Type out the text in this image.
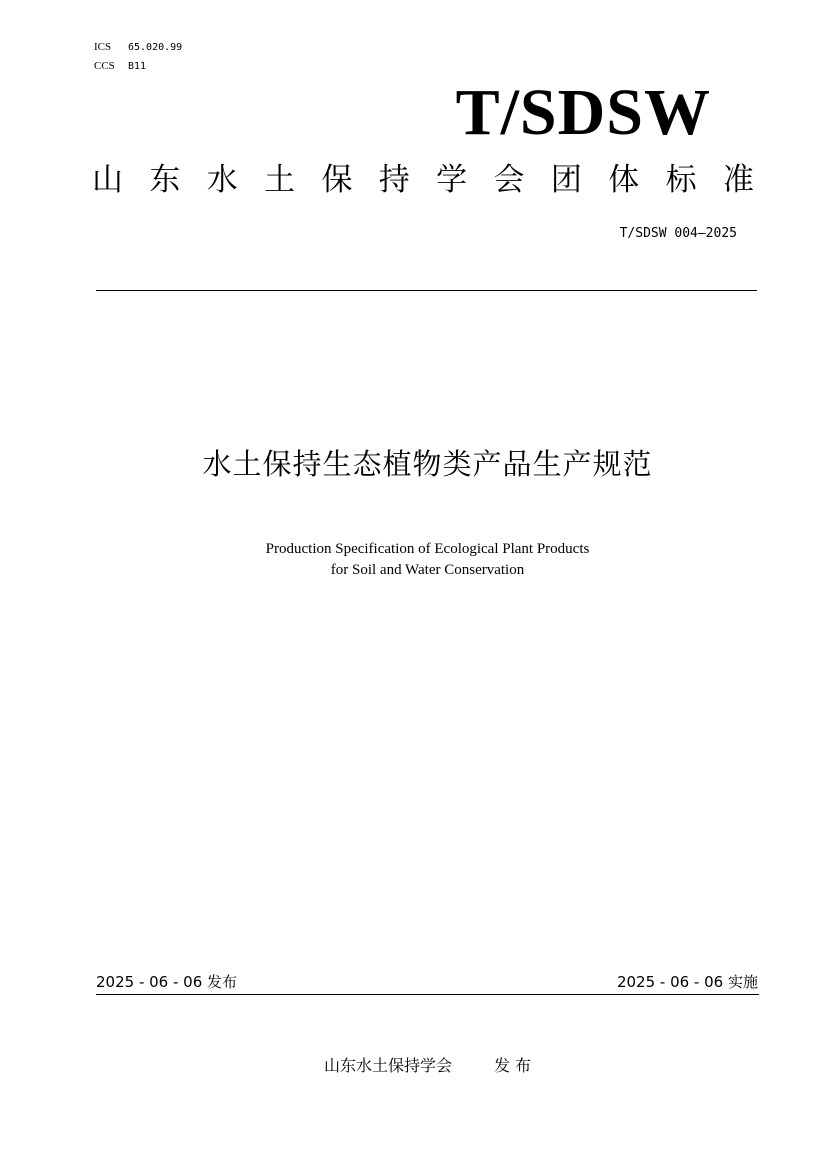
ICS 65.020.99
CCS B11
T/SDSW
山 东 水 土 保 持 学 会 团 体 标 准
T/SDSW 004—2025
水土保持生态植物类产品生产规范
Production Specification of Ecological Plant Products
for Soil and Water Conservation
2025 - 06 - 06 发布	2025 - 06 - 06 实施
山东水土保持学会	发 布
